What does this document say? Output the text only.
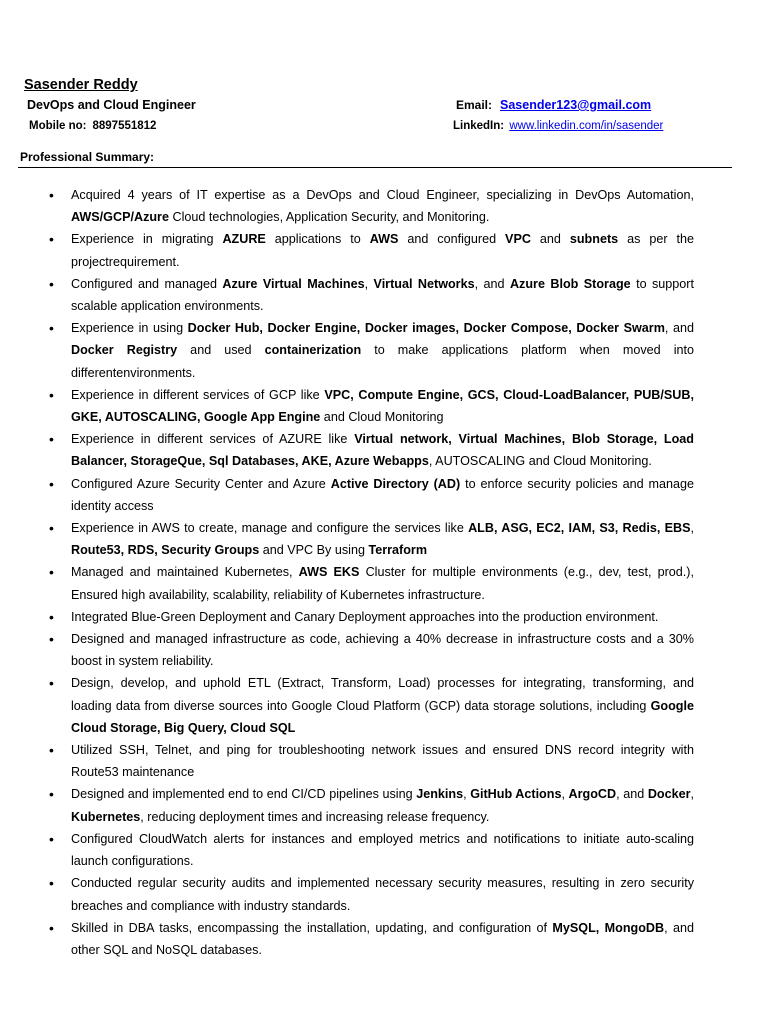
Sasender Reddy
DevOps and Cloud Engineer
Mobile no: 8897551812
Email: Sasender123@gmail.com
LinkedIn: www.linkedin.com/in/sasender
Professional Summary:
• Acquired 4 years of IT expertise as a DevOps and Cloud Engineer, specializing in DevOps Automation, AWS/GCP/Azure Cloud technologies, Application Security, and Monitoring.
• Experience in migrating AZURE applications to AWS and configured VPC and subnets as per the projectrequirement.
• Configured and managed Azure Virtual Machines, Virtual Networks, and Azure Blob Storage to support scalable application environments.
• Experience in using Docker Hub, Docker Engine, Docker images, Docker Compose, Docker Swarm, and Docker Registry and used containerization to make applications platform when moved into differentenvironments.
• Experience in different services of GCP like VPC, Compute Engine, GCS, Cloud-LoadBalancer, PUB/SUB, GKE, AUTOSCALING, Google App Engine and Cloud Monitoring
• Experience in different services of AZURE like Virtual network, Virtual Machines, Blob Storage, Load Balancer, StorageQue, Sql Databases, AKE, Azure Webapps, AUTOSCALING and Cloud Monitoring.
• Configured Azure Security Center and Azure Active Directory (AD) to enforce security policies and manage identity access
• Experience in AWS to create, manage and configure the services like ALB, ASG, EC2, IAM, S3, Redis, EBS, Route53, RDS, Security Groups and VPC By using Terraform
• Managed and maintained Kubernetes, AWS EKS Cluster for multiple environments (e.g., dev, test, prod.), Ensured high availability, scalability, reliability of Kubernetes infrastructure.
• Integrated Blue-Green Deployment and Canary Deployment approaches into the production environment.
• Designed and managed infrastructure as code, achieving a 40% decrease in infrastructure costs and a 30% boost in system reliability.
• Design, develop, and uphold ETL (Extract, Transform, Load) processes for integrating, transforming, and loading data from diverse sources into Google Cloud Platform (GCP) data storage solutions, including Google Cloud Storage, Big Query, Cloud SQL
• Utilized SSH, Telnet, and ping for troubleshooting network issues and ensured DNS record integrity with Route53 maintenance
• Designed and implemented end to end CI/CD pipelines using Jenkins, GitHub Actions, ArgoCD, and Docker, Kubernetes, reducing deployment times and increasing release frequency.
• Configured CloudWatch alerts for instances and employed metrics and notifications to initiate auto-scaling launch configurations.
• Conducted regular security audits and implemented necessary security measures, resulting in zero security breaches and compliance with industry standards.
• Skilled in DBA tasks, encompassing the installation, updating, and configuration of MySQL, MongoDB, and other SQL and NoSQL databases.
